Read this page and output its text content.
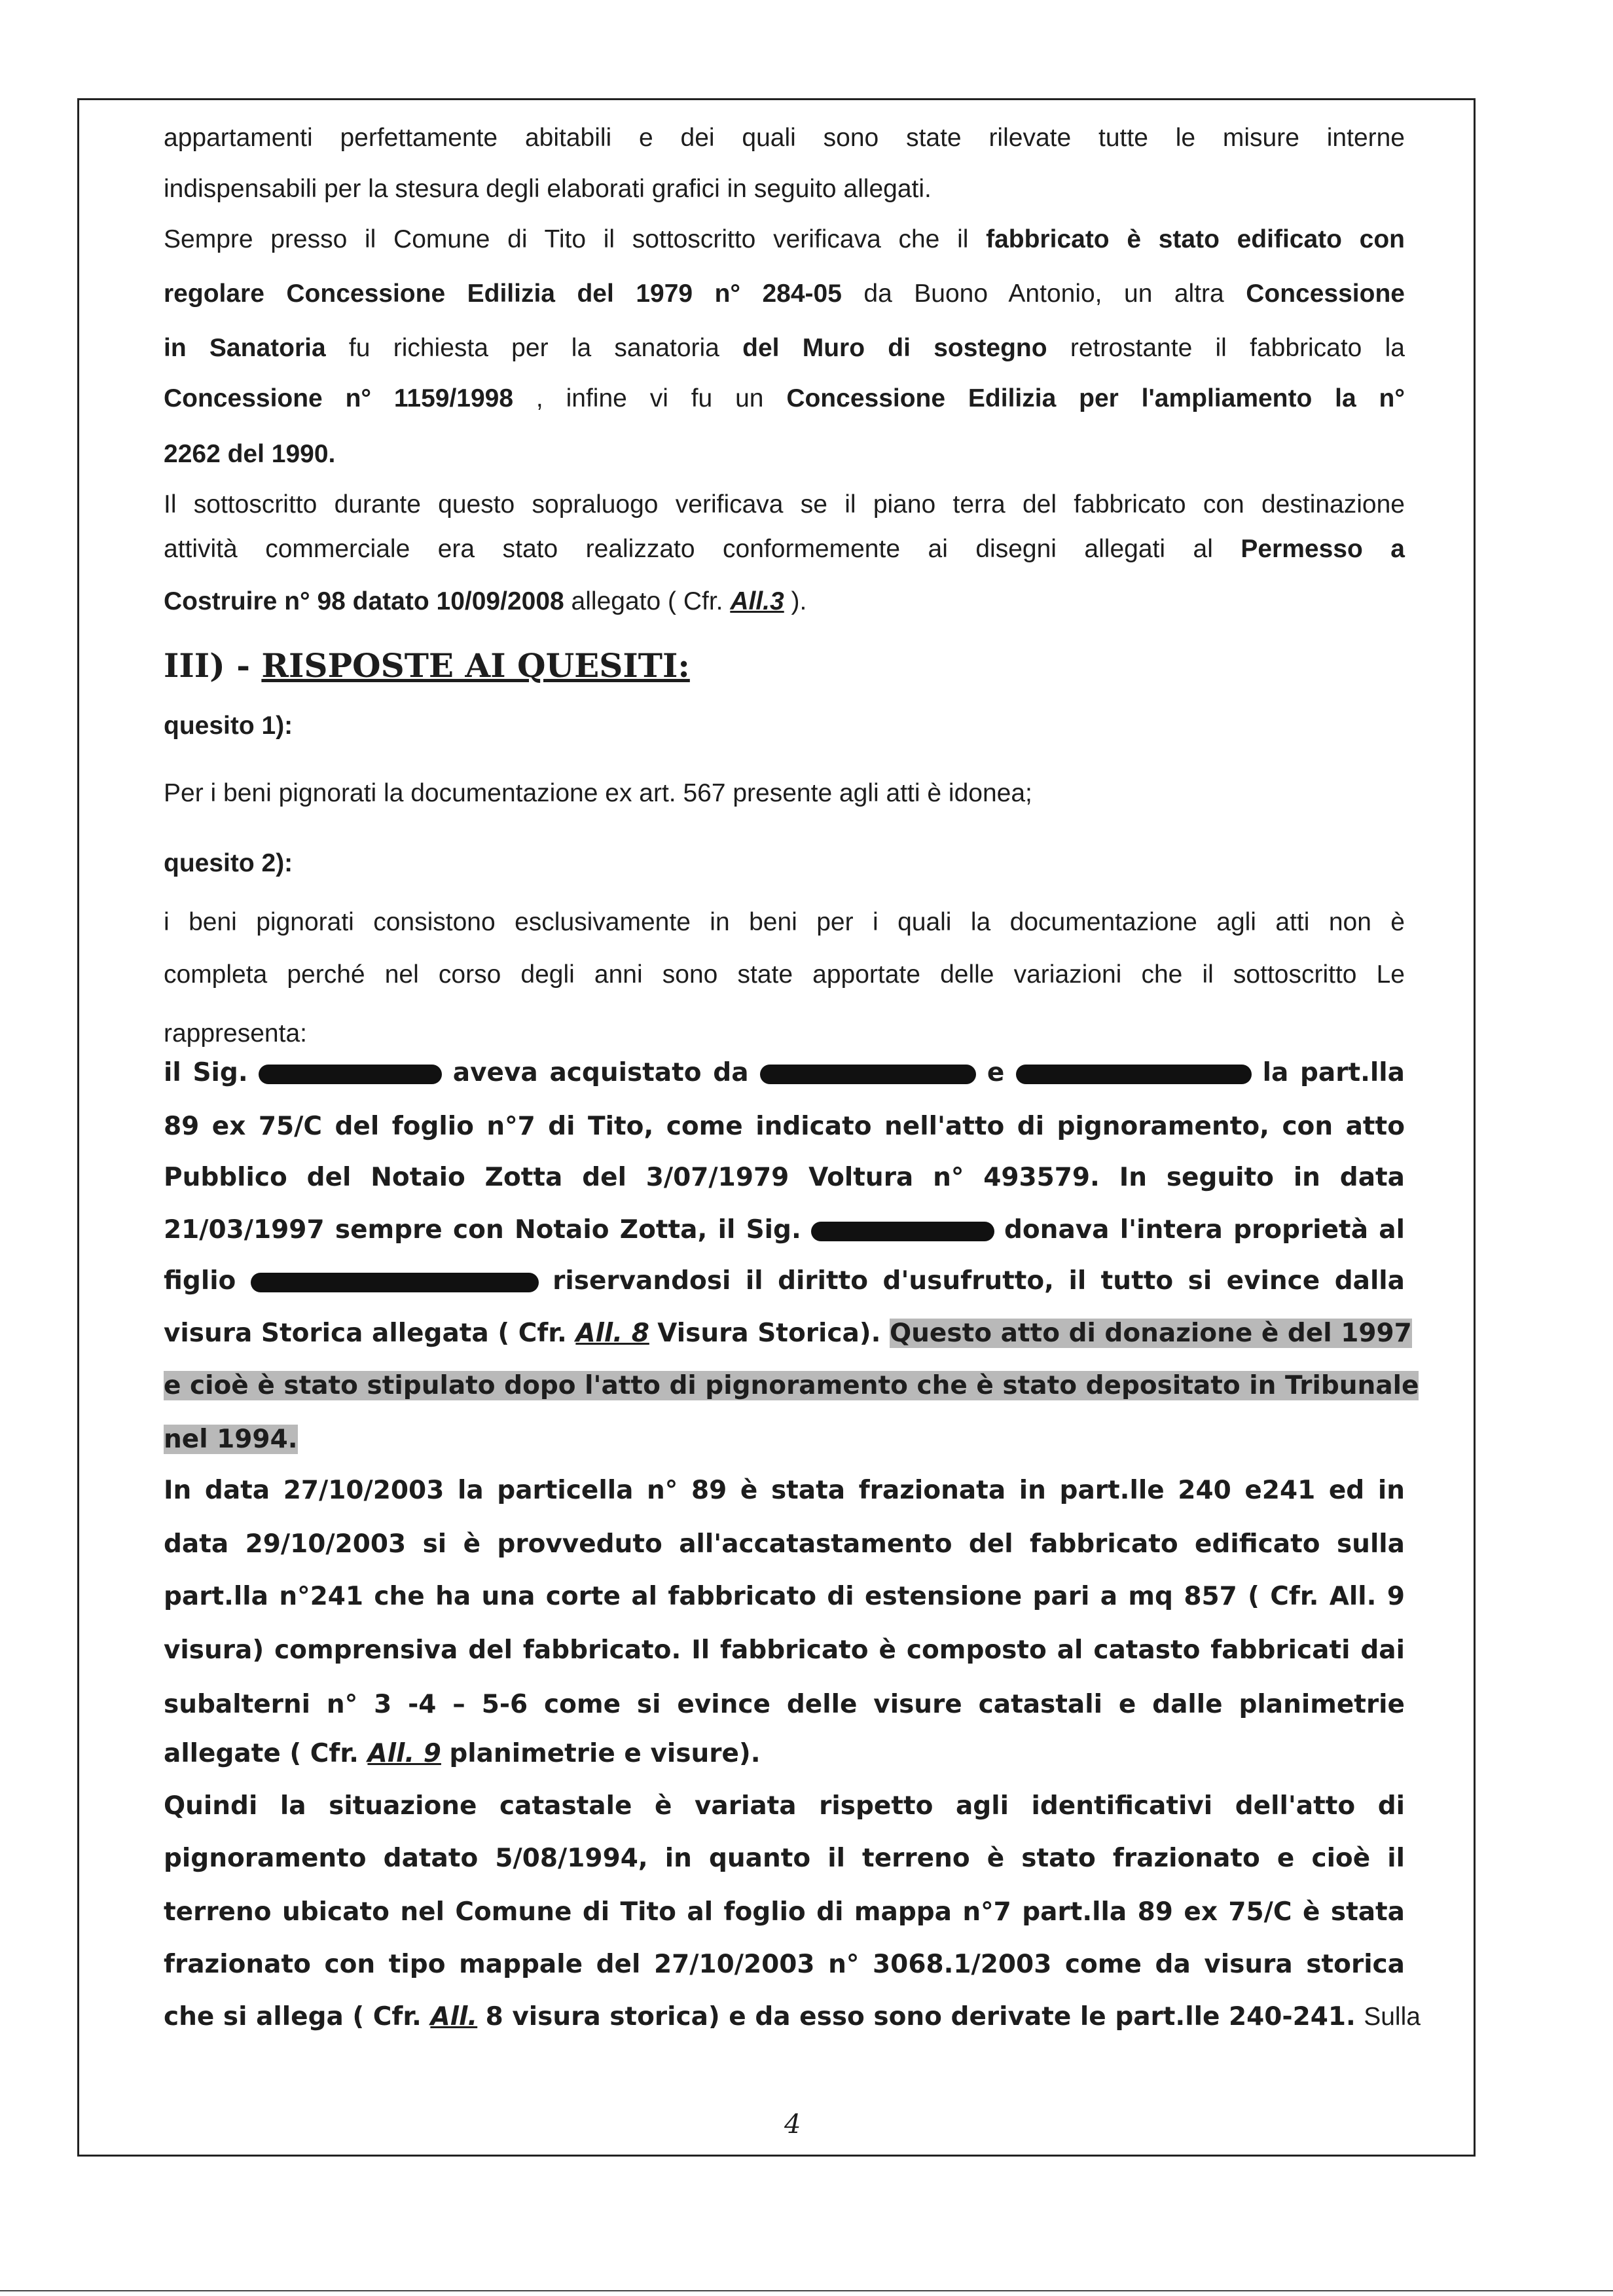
appartamenti perfettamente abitabili e dei quali sono state rilevate tutte le misure interne
indispensabili per la stesura degli elaborati grafici in seguito allegati.
Sempre presso il Comune di Tito il sottoscritto verificava che il fabbricato è stato edificato con
regolare Concessione Edilizia del 1979 n° 284-05 da Buono Antonio, un altra Concessione
in Sanatoria fu richiesta per la sanatoria del Muro di sostegno retrostante il fabbricato la
Concessione n° 1159/1998 , infine vi fu un Concessione Edilizia per l'ampliamento la n°
2262 del 1990.
Il sottoscritto durante questo sopraluogo verificava se il piano terra del fabbricato con destinazione
attività commerciale era stato realizzato conformemente ai disegni allegati al Permesso a
Costruire n° 98 datato 10/09/2008 allegato ( Cfr. All.3 ).
III) - RISPOSTE AI QUESITI:
quesito 1):
Per i beni pignorati la documentazione ex art. 567 presente agli atti è idonea;
quesito 2):
i beni pignorati consistono esclusivamente in beni per i quali la documentazione agli atti non è
completa perché nel corso degli anni sono state apportate delle variazioni che il sottoscritto Le
rappresenta:
il Sig.	aveva acquistato da	e	la part.lla
89 ex 75/C del foglio n°7 di Tito, come indicato nell'atto di pignoramento, con atto
Pubblico del Notaio Zotta del 3/07/1979 Voltura n° 493579. In seguito in data
21/03/1997 sempre con Notaio Zotta, il Sig.	donava l'intera proprietà al
figlio	riservandosi il diritto d'usufrutto, il tutto si evince dalla
visura Storica allegata ( Cfr. All. 8 Visura Storica). Questo atto di donazione è del 1997
e cioè è stato stipulato dopo l'atto di pignoramento che è stato depositato in Tribunale
nel 1994.
In data 27/10/2003 la particella n° 89 è stata frazionata in part.lle 240 e241 ed in
data 29/10/2003 si è provveduto all'accatastamento del fabbricato edificato sulla
part.lla n°241 che ha una corte al fabbricato di estensione pari a mq 857 ( Cfr. All. 9
visura) comprensiva del fabbricato. Il fabbricato è composto al catasto fabbricati dai
subalterni n° 3 -4 – 5-6 come si evince delle visure catastali e dalle planimetrie
allegate ( Cfr. All. 9 planimetrie e visure).
Quindi la situazione catastale è variata rispetto agli identificativi dell'atto di
pignoramento datato 5/08/1994, in quanto il terreno è stato frazionato e cioè il
terreno ubicato nel Comune di Tito al foglio di mappa n°7 part.lla 89 ex 75/C è stata
frazionato con tipo mappale del 27/10/2003 n° 3068.1/2003 come da visura storica
che si allega ( Cfr. All. 8 visura storica) e da esso sono derivate le part.lle 240-241. Sulla
4
